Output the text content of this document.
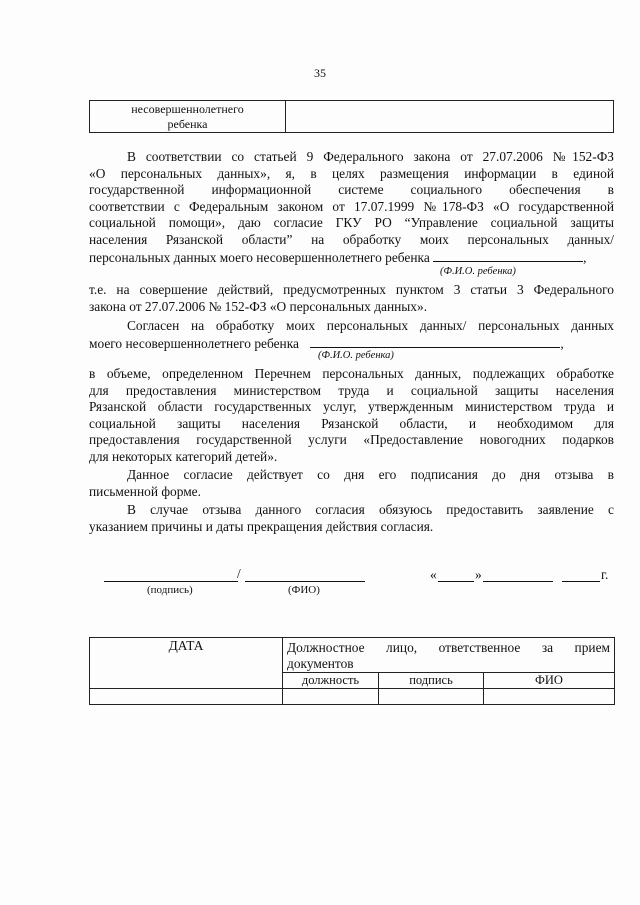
35
несовершеннолетнего
ребенка

В соответствии со статьей 9 Федерального закона от 27.07.2006 №152-ФЗ
«О персональных данных», я, в целях размещения информации в единой
государственной информационной системе социального обеспечения в
соответствии с Федеральным законом от 17.07.1999 №178-ФЗ «О государственной
социальной помощи», даю согласие ГКУ РО “Управление социальной защиты
населения Рязанской области” на обработку моих персональных данных/
персональных данных моего несовершеннолетнего ребенка	,
(Ф.И.О. ребенка)
т.е. на совершение действий, предусмотренных пунктом 3 статьи 3 Федерального
закона от 27.07.2006 № 152-ФЗ «О персональных данных».
Согласен на обработку моих персональных данных/ персональных данных
моего несовершеннолетнего ребенка	,
(Ф.И.О. ребенка)
в объеме, определенном Перечнем персональных данных, подлежащих обработке
для предоставления министерством труда и социальной защиты населения
Рязанской области государственных услуг, утвержденным министерством труда и
социальной защиты населения Рязанской области, и необходимом для
предоставления государственной услуги «Предоставление новогодних подарков
для некоторых категорий детей».
Данное согласие действует со дня его подписания до дня отзыва в
письменной форме.
В случае отзыва данного согласия обязуюсь предоставить заявление с
указанием причины и даты прекращения действия согласия.
/
(подпись)	(ФИО)
«	»	г.
ДАТА	Должностное лицо, ответственное за прием
документов		

	должность	подпись	ФИО
